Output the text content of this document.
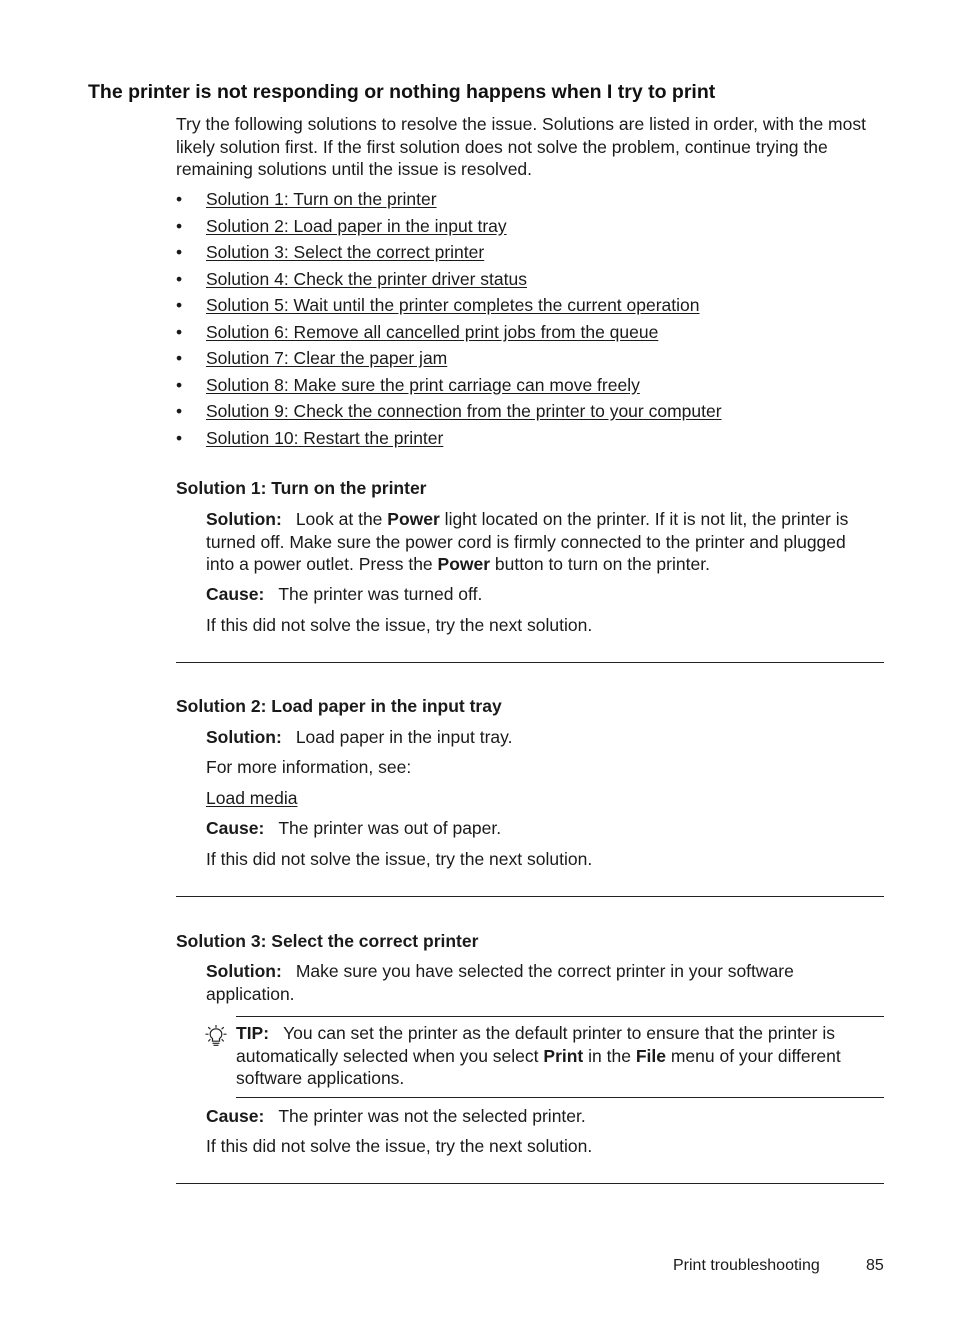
The printer is not responding or nothing happens when I try to print

Try the following solutions to resolve the issue. Solutions are listed in order, with the most likely solution first. If the first solution does not solve the problem, continue trying the remaining solutions until the issue is resolved.

• Solution 1: Turn on the printer
• Solution 2: Load paper in the input tray
• Solution 3: Select the correct printer
• Solution 4: Check the printer driver status
• Solution 5: Wait until the printer completes the current operation
• Solution 6: Remove all cancelled print jobs from the queue
• Solution 7: Clear the paper jam
• Solution 8: Make sure the print carriage can move freely
• Solution 9: Check the connection from the printer to your computer
• Solution 10: Restart the printer
Solution 1: Turn on the printer

Solution: Look at the Power light located on the printer. If it is not lit, the printer is turned off. Make sure the power cord is firmly connected to the printer and plugged into a power outlet. Press the Power button to turn on the printer.

Cause: The printer was turned off.

If this did not solve the issue, try the next solution.

Solution 2: Load paper in the input tray

Solution: Load paper in the input tray.

For more information, see:

Load media

Cause: The printer was out of paper.

If this did not solve the issue, try the next solution.

Solution 3: Select the correct printer

Solution: Make sure you have selected the correct printer in your software application.

TIP: You can set the printer as the default printer to ensure that the printer is automatically selected when you select Print in the File menu of your different software applications.

Cause: The printer was not the selected printer.

If this did not solve the issue, try the next solution.

Print troubleshooting	85
